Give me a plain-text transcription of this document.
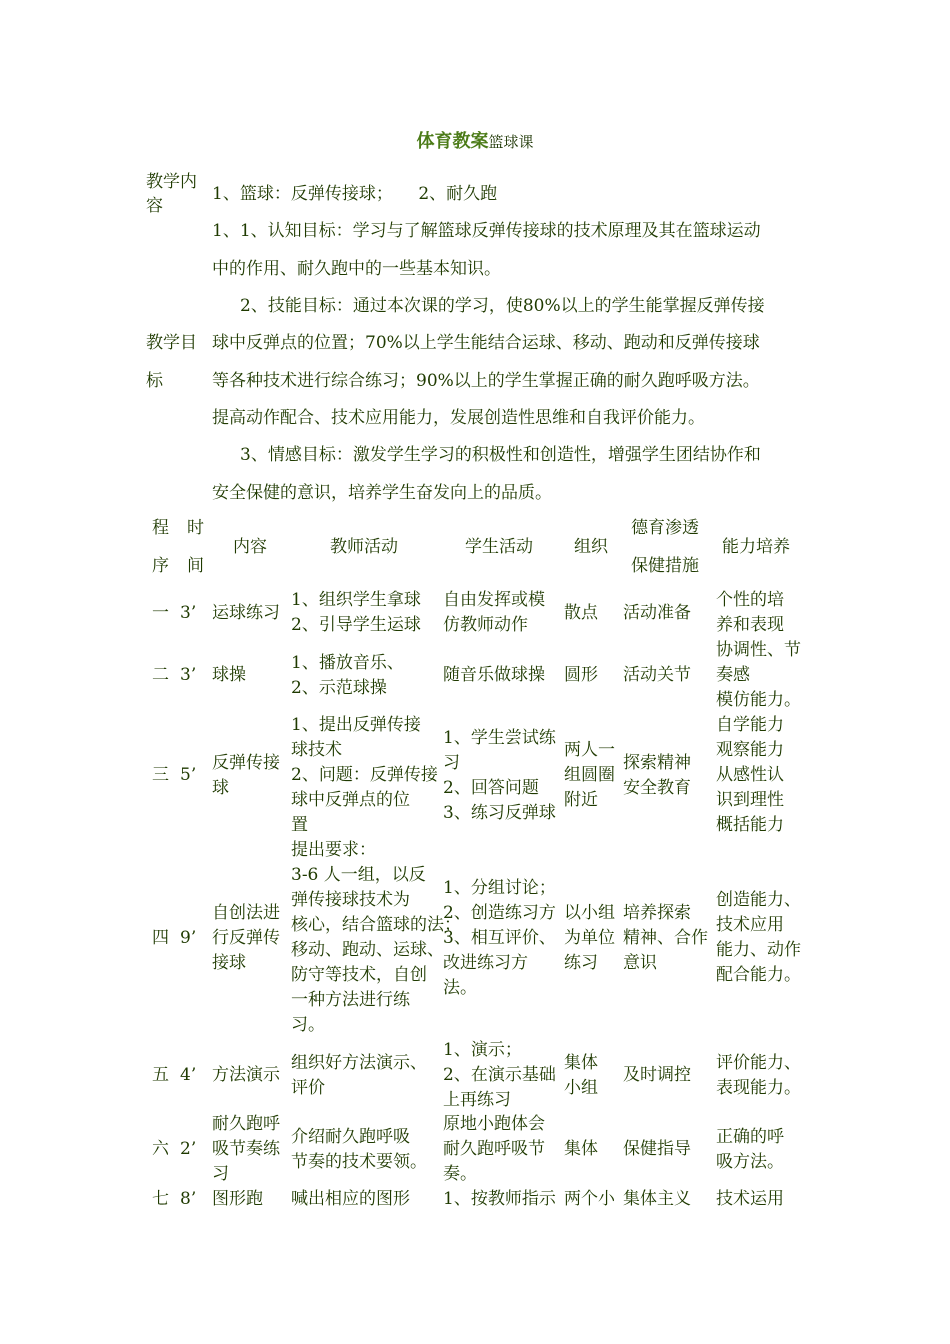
体育教案篮球课
教学内
容
1、篮球：反弹传接球；　　2、耐久跑
教学目
标
1、1、认知目标：学习与了解篮球反弹传接球的技术原理及其在篮球运动
中的作用、耐久跑中的一些基本知识。
2、技能目标：通过本次课的学习，使80%以上的学生能掌握反弹传接
球中反弹点的位置；70%以上学生能结合运球、移动、跑动和反弹传接球
等各种技术进行综合练习；90%以上的学生掌握正确的耐久跑呼吸方法。
提高动作配合、技术应用能力，发展创造性思维和自我评价能力。
3、情感目标：激发学生学习的积极性和创造性，增强学生团结协作和
安全保健的意识，培养学生奋发向上的品质。
程
序
时
间
内容	教师活动	学生活动 组织
德育渗透
保健措施
能力培养
一 3’ 运球练习
1、组织学生拿球
2、引导学生运球
自由发挥或模
仿教师动作
散点 活动准备
个性的培
养和表现
二 3’ 球操
1、播放音乐、
2、示范球操
随音乐做球操 圆形 活动关节
协调性、节
奏感
模仿能力。
三 5’
反弹传接
球
1、提出反弹传接
球技术
2、问题：反弹传接
球中反弹点的位
置
1、学生尝试练
习
2、回答问题
3、练习反弹球
两人一
组圆圈
附近
探索精神
安全教育
自学能力
观察能力
从感性认
识到理性
概括能力
四 9’
自创法进
行反弹传
接球
提出要求：
3-6 人一组，以反
弹传接球技术为
核心，结合篮球的法；
移动、跑动、运球、
防守等技术，自创
一种方法进行练
习。
1、分组讨论；
2、创造练习方
3、相互评价、
改进练习方
法。
以小组
为单位
练习
培养探索
精神、合作
意识
创造能力、
技术应用
能力、动作
配合能力。
五 4’ 方法演示
组织好方法演示、
评价
1、演示；
2、在演示基础
上再练习
集体
小组
及时调控
评价能力、
表现能力。
六 2’
耐久跑呼
吸节奏练
习
介绍耐久跑呼吸
节奏的技术要领。
原地小跑体会
耐久跑呼吸节
奏。
集体 保健指导
正确的呼
吸方法。
七 8’ 图形跑 喊出相应的图形 1、按教师指示 两个小 集体主义 技术运用
